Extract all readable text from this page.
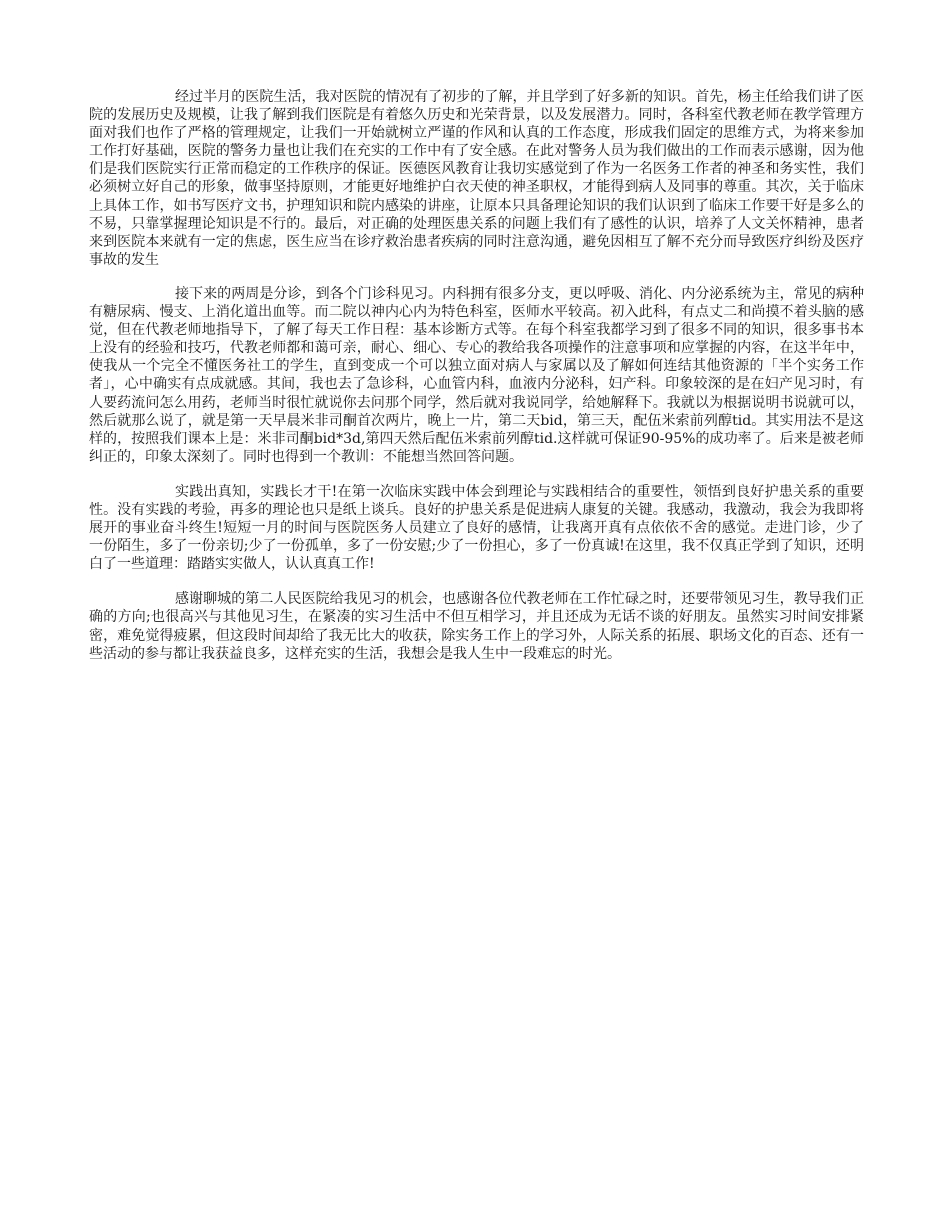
经过半月的医院生活，我对医院的情况有了初步的了解，并且学到了好多新的知识。首先，杨主任给我们讲了医院的发展历史及规模，让我了解到我们医院是有着悠久历史和光荣背景，以及发展潜力。同时，各科室代教老师在教学管理方面对我们也作了严格的管理规定，让我们一开始就树立严谨的作风和认真的工作态度，形成我们固定的思维方式，为将来参加工作打好基础，医院的警务力量也让我们在充实的工作中有了安全感。在此对警务人员为我们做出的工作而表示感谢，因为他们是我们医院实行正常而稳定的工作秩序的保证。医德医风教育让我切实感觉到了作为一名医务工作者的神圣和务实性，我们必须树立好自己的形象，做事坚持原则，才能更好地维护白衣天使的神圣职权，才能得到病人及同事的尊重。其次，关于临床上具体工作，如书写医疗文书，护理知识和院内感染的讲座，让原本只具备理论知识的我们认识到了临床工作要干好是多么的不易，只靠掌握理论知识是不行的。最后，对正确的处理医患关系的问题上我们有了感性的认识，培养了人文关怀精神，患者来到医院本来就有一定的焦虑，医生应当在诊疗救治患者疾病的同时注意沟通，避免因相互了解不充分而导致医疗纠纷及医疗事故的发生

接下来的两周是分诊，到各个门诊科见习。内科拥有很多分支，更以呼吸、消化、内分泌系统为主，常见的病种有糖尿病、慢支、上消化道出血等。而二院以神内心内为特色科室，医师水平较高。初入此科，有点丈二和尚摸不着头脑的感觉，但在代教老师地指导下，了解了每天工作日程：基本诊断方式等。在每个科室我都学习到了很多不同的知识，很多事书本上没有的经验和技巧，代教老师都和蔼可亲，耐心、细心、专心的教给我各项操作的注意事项和应掌握的内容，在这半年中，使我从一个完全不懂医务社工的学生，直到变成一个可以独立面对病人与家属以及了解如何连结其他资源的「半个实务工作者」，心中确实有点成就感。其间，我也去了急诊科，心血管内科，血液内分泌科，妇产科。印象较深的是在妇产见习时，有人要药流问怎么用药，老师当时很忙就说你去问那个同学，然后就对我说同学，给她解释下。我就以为根据说明书说就可以，然后就那么说了，就是第一天早晨米非司酮首次两片，晚上一片，第二天bid，第三天，配伍米索前列醇tid。其实用法不是这样的，按照我们课本上是：米非司酮bid*3d,第四天然后配伍米索前列醇tid.这样就可保证90-95%的成功率了。后来是被老师纠正的，印象太深刻了。同时也得到一个教训：不能想当然回答问题。

实践出真知，实践长才干!在第一次临床实践中体会到理论与实践相结合的重要性，领悟到良好护患关系的重要性。没有实践的考验，再多的理论也只是纸上谈兵。良好的护患关系是促进病人康复的关键。我感动，我激动，我会为我即将展开的事业奋斗终生!短短一月的时间与医院医务人员建立了良好的感情，让我离开真有点依依不舍的感觉。走进门诊，少了一份陌生，多了一份亲切;少了一份孤单，多了一份安慰;少了一份担心，多了一份真诚!在这里，我不仅真正学到了知识，还明白了一些道理：踏踏实实做人，认认真真工作!

感谢聊城的第二人民医院给我见习的机会，也感谢各位代教老师在工作忙碌之时，还要带领见习生，教导我们正确的方向;也很高兴与其他见习生，在紧凑的实习生活中不但互相学习，并且还成为无话不谈的好朋友。虽然实习时间安排紧密，难免觉得疲累，但这段时间却给了我无比大的收获，除实务工作上的学习外，人际关系的拓展、职场文化的百态、还有一些活动的参与都让我获益良多，这样充实的生活，我想会是我人生中一段难忘的时光。
